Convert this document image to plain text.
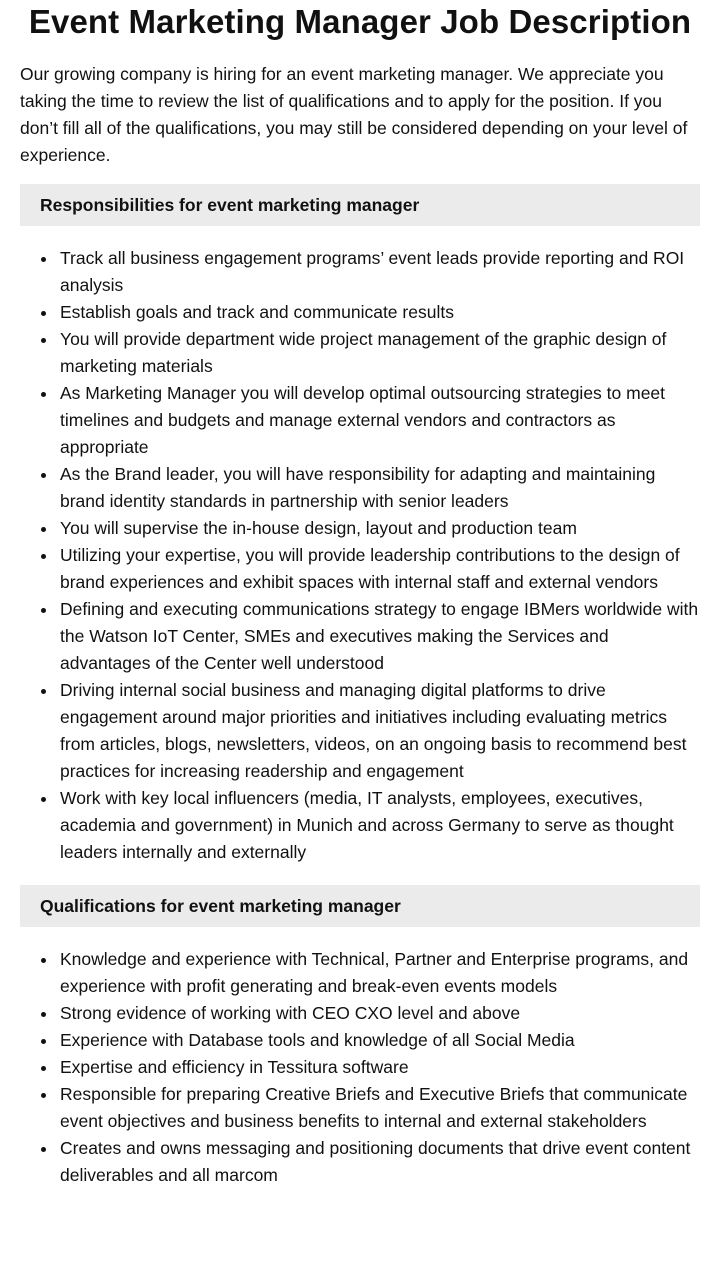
Event Marketing Manager Job Description

Our growing company is hiring for an event marketing manager. We appreciate you taking the time to review the list of qualifications and to apply for the position. If you don’t fill all of the qualifications, you may still be considered depending on your level of experience.

Responsibilities for event marketing manager
Track all business engagement programs’ event leads provide reporting and ROI analysis
Establish goals and track and communicate results
You will provide department wide project management of the graphic design of marketing materials
As Marketing Manager you will develop optimal outsourcing strategies to meet timelines and budgets and manage external vendors and contractors as appropriate
As the Brand leader, you will have responsibility for adapting and maintaining brand identity standards in partnership with senior leaders
You will supervise the in-house design, layout and production team
Utilizing your expertise, you will provide leadership contributions to the design of brand experiences and exhibit spaces with internal staff and external vendors
Defining and executing communications strategy to engage IBMers worldwide with the Watson IoT Center, SMEs and executives making the Services and advantages of the Center well understood
Driving internal social business and managing digital platforms to drive engagement around major priorities and initiatives including evaluating metrics from articles, blogs, newsletters, videos, on an ongoing basis to recommend best practices for increasing readership and engagement
Work with key local influencers (media, IT analysts, employees, executives, academia and government) in Munich and across Germany to serve as thought leaders internally and externally
Qualifications for event marketing manager
Knowledge and experience with Technical, Partner and Enterprise programs, and experience with profit generating and break-even events models
Strong evidence of working with CEO CXO level and above
Experience with Database tools and knowledge of all Social Media
Expertise and efficiency in Tessitura software
Responsible for preparing Creative Briefs and Executive Briefs that communicate event objectives and business benefits to internal and external stakeholders
Creates and owns messaging and positioning documents that drive event content deliverables and all marcom
